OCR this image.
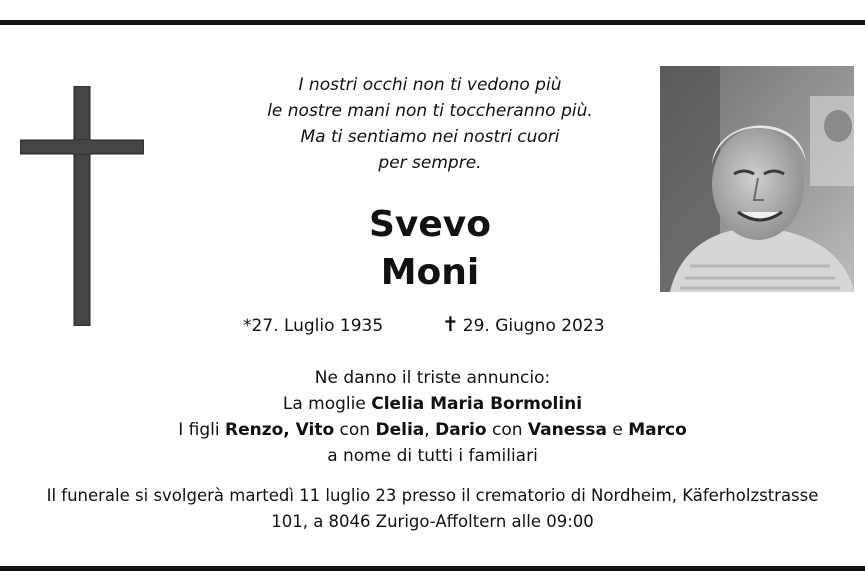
I nostri occhi non ti vedono più
le nostre mani non ti toccheranno più.
Ma ti sentiamo nei nostri cuori
per sempre.
Svevo
Moni
*27. Luglio 1935	✝ 29. Giugno 2023
Ne danno il triste annuncio:
La moglie Clelia Maria Bormolini
I figli Renzo, Vito con Delia, Dario con Vanessa e Marco
a nome di tutti i familiari
Il funerale si svolgerà martedì 11 luglio 23 presso il crematorio di Nordheim, Käferholzstrasse
101, a 8046 Zurigo-Affoltern alle 09:00
